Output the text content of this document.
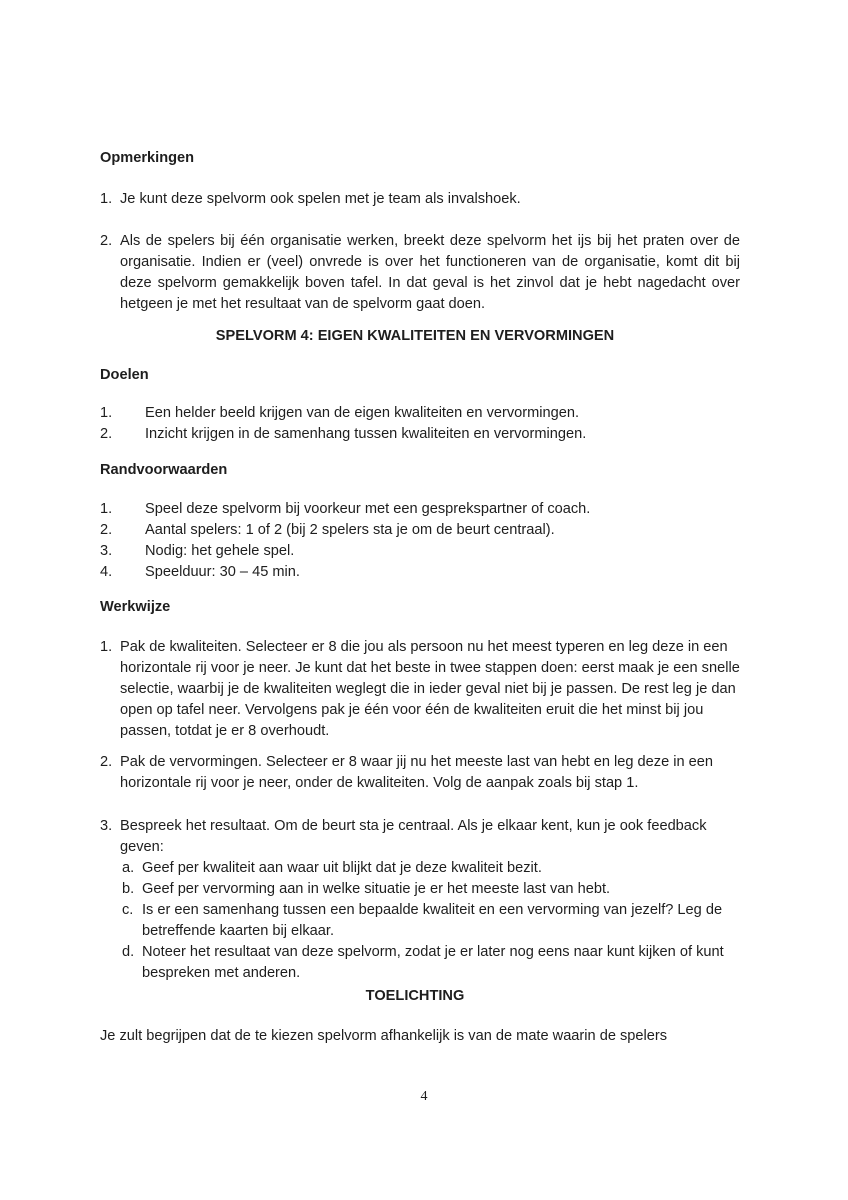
Opmerkingen
1. Je kunt deze spelvorm ook spelen met je team als invalshoek.
2. Als de spelers bij één organisatie werken, breekt deze spelvorm het ijs bij het praten over de organisatie. Indien er (veel) onvrede is over het functioneren van de organisatie, komt dit bij deze spelvorm gemakkelijk boven tafel. In dat geval is het zinvol dat je hebt nagedacht over hetgeen je met het resultaat van de spelvorm gaat doen.
SPELVORM 4: EIGEN KWALITEITEN EN VERVORMINGEN
Doelen
1.	Een helder beeld krijgen van de eigen kwaliteiten en vervormingen.
2.	Inzicht krijgen in de samenhang tussen kwaliteiten en vervormingen.
Randvoorwaarden
1.	Speel deze spelvorm bij voorkeur met een gesprekspartner of coach.
2.	Aantal spelers: 1 of 2 (bij 2 spelers sta je om de beurt centraal).
3.	Nodig: het gehele spel.
4.	Speelduur: 30 – 45 min.
Werkwijze
1. Pak de kwaliteiten. Selecteer er 8 die jou als persoon nu het meest typeren en leg deze in een horizontale rij voor je neer. Je kunt dat het beste in twee stappen doen: eerst maak je een snelle selectie, waarbij je de kwaliteiten weglegt die in ieder geval niet bij je passen. De rest leg je dan open op tafel neer. Vervolgens pak je één voor één de kwaliteiten eruit die het minst bij jou passen, totdat je er 8 overhoudt.
2. Pak de vervormingen. Selecteer er 8 waar jij nu het meeste last van hebt en leg deze in een horizontale rij voor je neer, onder de kwaliteiten. Volg de aanpak zoals bij stap 1.
3. Bespreek het resultaat. Om de beurt sta je centraal. Als je elkaar kent, kun je ook feedback geven:
a. Geef per kwaliteit aan waar uit blijkt dat je deze kwaliteit bezit.
b. Geef per vervorming aan in welke situatie je er het meeste last van hebt.
c. Is er een samenhang tussen een bepaalde kwaliteit en een vervorming van jezelf? Leg de betreffende kaarten bij elkaar.
d. Noteer het resultaat van deze spelvorm, zodat je er later nog eens naar kunt kijken of kunt bespreken met anderen.
TOELICHTING
Je zult begrijpen dat de te kiezen spelvorm afhankelijk is van de mate waarin de spelers
4
